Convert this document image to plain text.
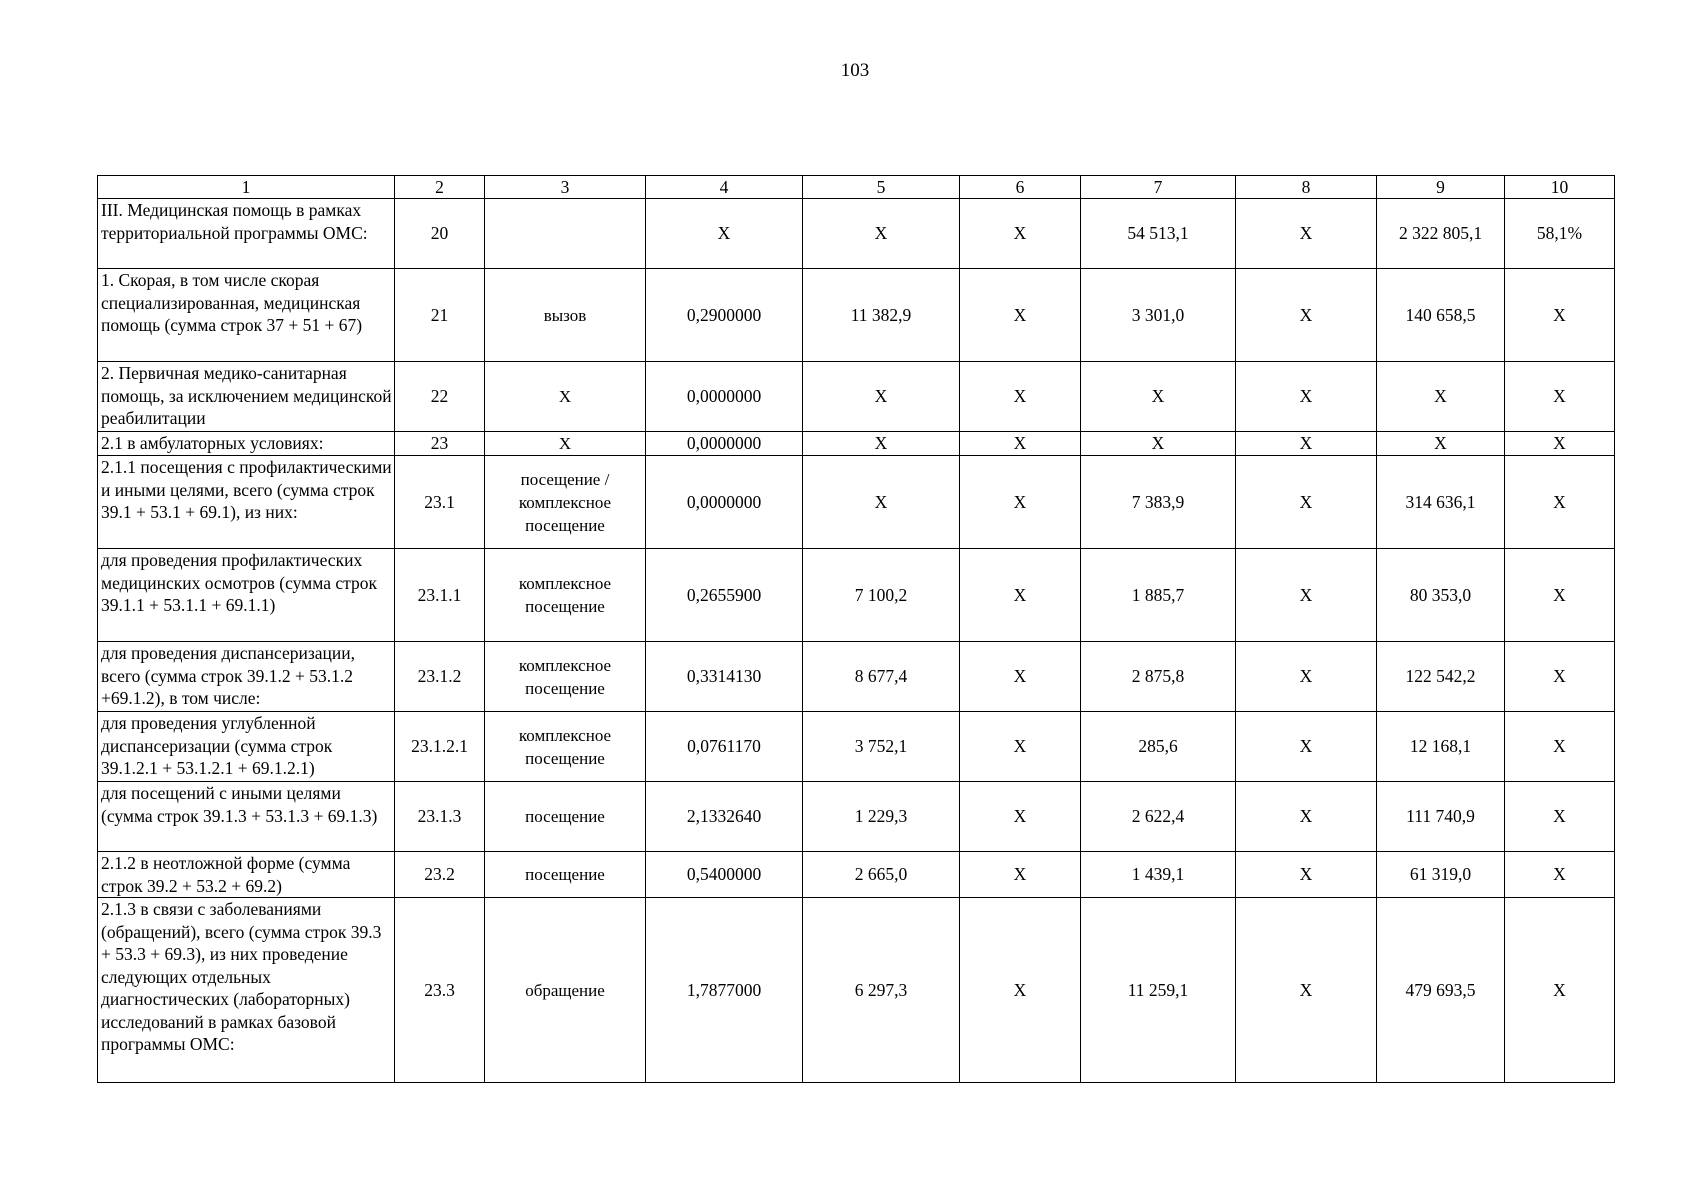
103
1	2	3	4	5	6	7	8	9	10
III. Медицинская помощь в рамках территориальной программы ОМС:	20		X	X	X	54 513,1	X	2 322 805,1	58,1%
1. Скорая, в том числе скорая специализированная, медицинская помощь (сумма строк 37 + 51 + 67)	21	вызов	0,2900000	11 382,9	X	3 301,0	X	140 658,5	X
2. Первичная медико-санитарная помощь, за исключением медицинской реабилитации	22	X	0,0000000	X	X	X	X	X	X
2.1 в амбулаторных условиях:	23	X	0,0000000	X	X	X	X	X	X
2.1.1 посещения с профилактическими и иными целями, всего (сумма строк 39.1 + 53.1 + 69.1), из них:	23.1	посещение / комплексное посещение	0,0000000	X	X	7 383,9	X	314 636,1	X
для проведения профилактических медицинских осмотров (сумма строк 39.1.1 + 53.1.1 + 69.1.1)	23.1.1	комплексное посещение	0,2655900	7 100,2	X	1 885,7	X	80 353,0	X
для проведения диспансеризации, всего (сумма строк 39.1.2 + 53.1.2 +69.1.2), в том числе:	23.1.2	комплексное посещение	0,3314130	8 677,4	X	2 875,8	X	122 542,2	X
для проведения углубленной диспансеризации (сумма строк 39.1.2.1 + 53.1.2.1 + 69.1.2.1)	23.1.2.1	комплексное посещение	0,0761170	3 752,1	X	285,6	X	12 168,1	X
для посещений с иными целями (сумма строк 39.1.3 + 53.1.3 + 69.1.3)	23.1.3	посещение	2,1332640	1 229,3	X	2 622,4	X	111 740,9	X
2.1.2 в неотложной форме (сумма строк 39.2 + 53.2 + 69.2)	23.2	посещение	0,5400000	2 665,0	X	1 439,1	X	61 319,0	X
2.1.3 в связи с заболеваниями (обращений), всего (сумма строк 39.3 + 53.3 + 69.3), из них проведение следующих отдельных диагностических (лабораторных) исследований в рамках базовой программы ОМС:	23.3	обращение	1,7877000	6 297,3	X	11 259,1	X	479 693,5	X
